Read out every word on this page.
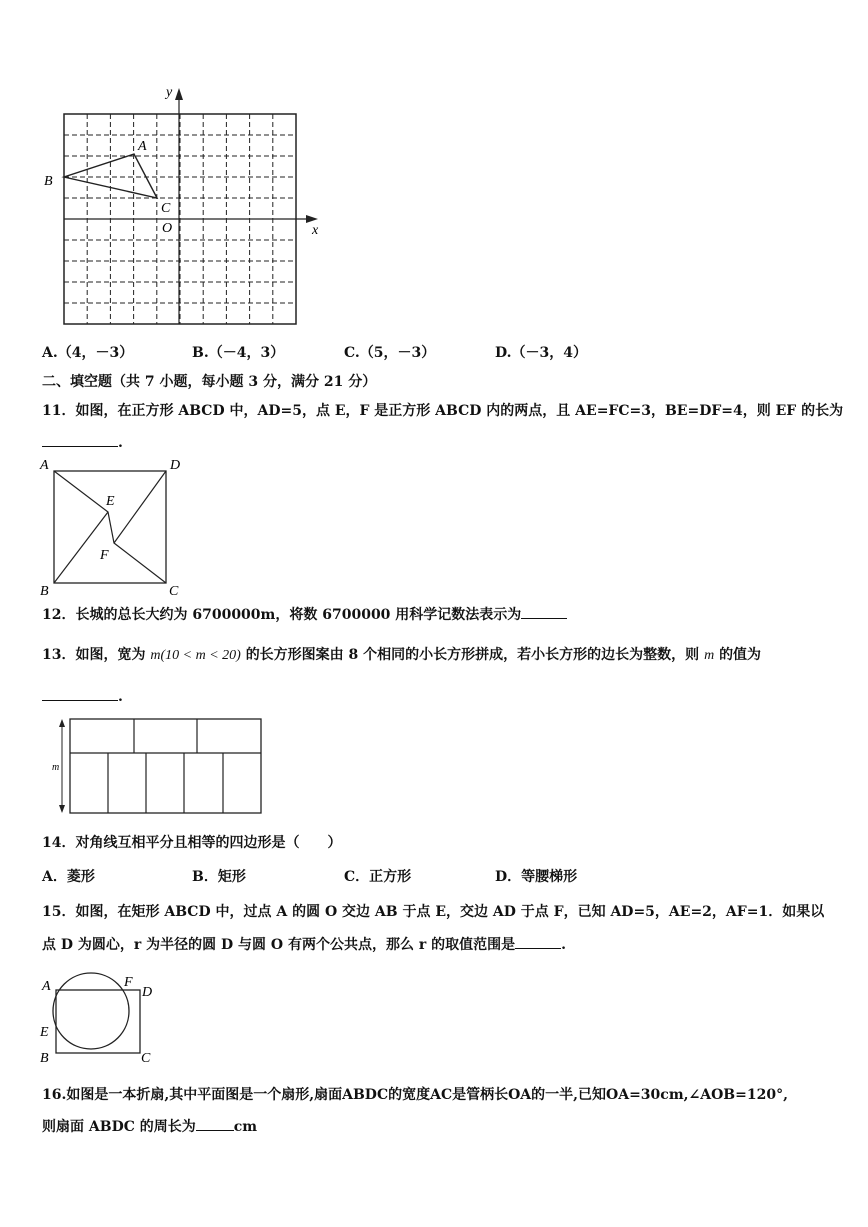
y
x
O
A
B
C
A.（4，－3）	B.（－4，3）	C.（5，－3）	D.（－3，4）
二、填空题（共 7 小题，每小题 3 分，满分 21 分）
11．如图，在正方形 ABCD 中，AD=5，点 E，F 是正方形 ABCD 内的两点，且 AE=FC=3，BE=DF=4，则 EF 的长为
.
A	D
B	C
E
F
12．长城的总长大约为 6700000m，将数 6700000 用科学记数法表示为
13．如图，宽为 m(10 < m < 20) 的长方形图案由 8 个相同的小长方形拼成，若小长方形的边长为整数，则 m 的值为
.
m
14．对角线互相平分且相等的四边形是（　　）
A．菱形	B．矩形	C．正方形	D．等腰梯形
15．如图，在矩形 ABCD 中，过点 A 的圆 O 交边 AB 于点 E，交边 AD 于点 F，已知 AD=5，AE=2，AF=1．如果以
点 D 为圆心，r 为半径的圆 D 与圆 O 有两个公共点，那么 r 的取值范围是	.
A	F
D
E
B	C
16.如图是一本折扇,其中平面图是一个扇形,扇面ABDC的宽度AC是管柄长OA的一半,已知OA=30cm,∠AOB=120°,
则扇面 ABDC 的周长为	cm
